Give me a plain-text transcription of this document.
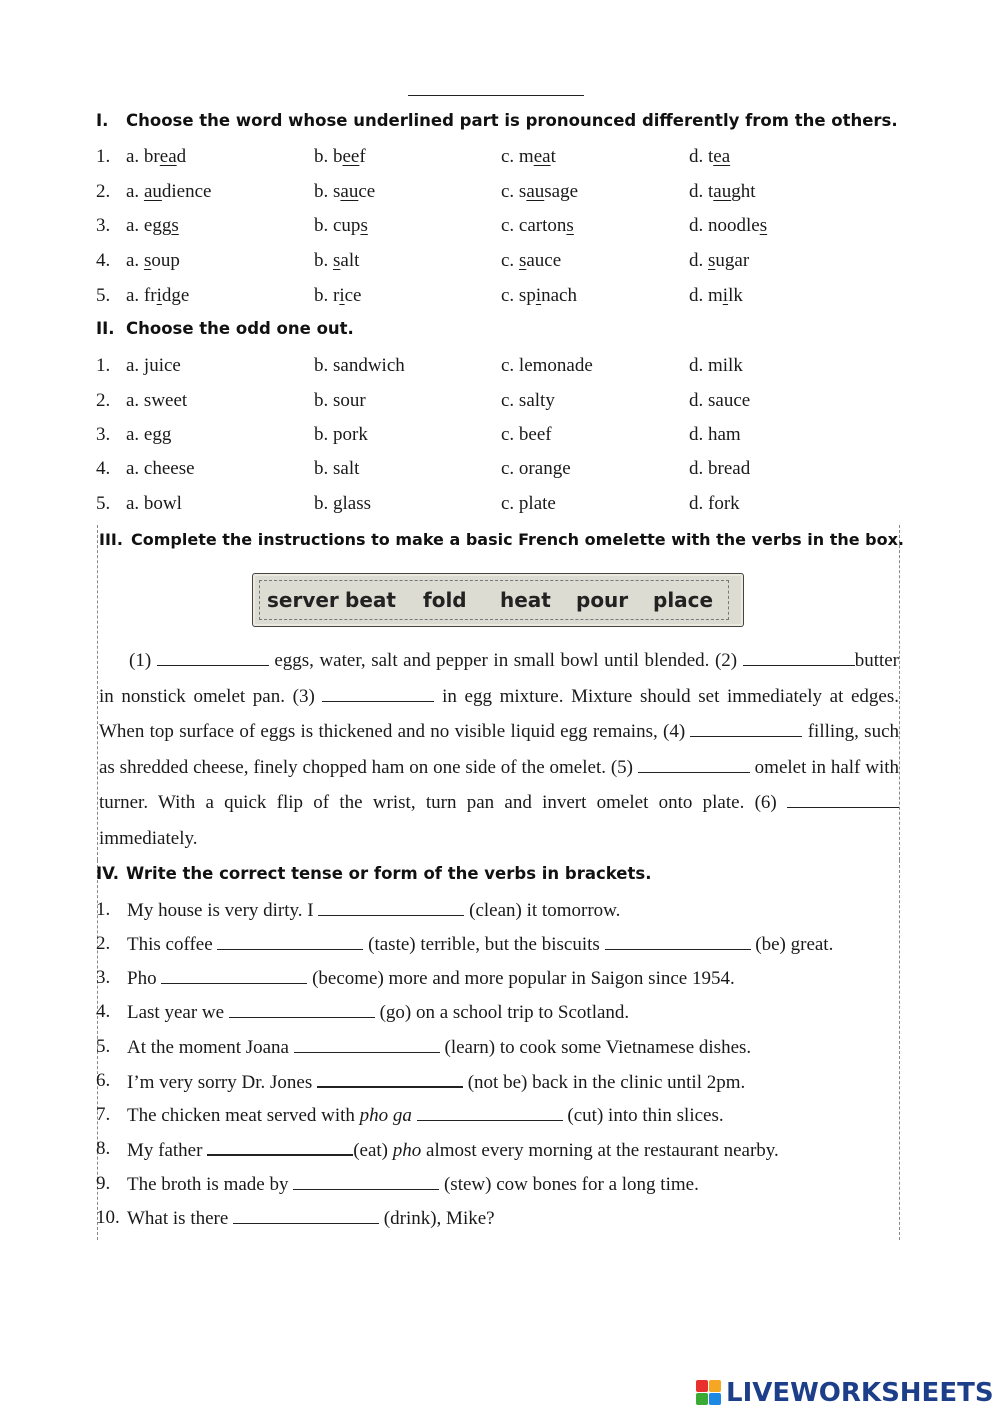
I. Choose the word whose underlined part is pronounced differently from the others.
1. a. bread	b. beef	c. meat	d. tea
2. a. audience	b. sauce	c. sausage	d. taught
3. a. eggs	b. cups	c. cartons	d. noodles
4. a. soup	b. salt	c. sauce	d. sugar
5. a. fridge	b. rice	c. spinach	d. milk
II. Choose the odd one out.
1. a. juice	b. sandwich	c. lemonade	d. milk
2. a. sweet	b. sour	c. salty	d. sauce
3. a. egg	b. pork	c. beef	d. ham
4. a. cheese	b. salt	c. orange	d. bread
5. a. bowl	b. glass	c. plate	d. fork
III. Complete the instructions to make a basic French omelette with the verbs in the box.
server beat fold heat pour place
(1)	eggs, water, salt and pepper in small bowl until blended. (2)	butter in nonstick omelet pan. (3)	in egg mixture. Mixture should set immediately at edges. When top surface of eggs is thickened and no visible liquid egg remains, (4)	filling, such as shredded cheese, finely chopped ham on one side of the omelet. (5)	omelet in half with turner. With a quick flip of the wrist, turn pan and invert omelet onto plate. (6)  immediately.
IV. Write the correct tense or form of the verbs in brackets.
1. My house is very dirty. I	(clean) it tomorrow.
2. This coffee	(taste) terrible, but the biscuits	(be) great.
3. Pho	(become) more and more popular in Saigon since 1954.
4. Last year we	(go) on a school trip to Scotland.
5. At the moment Joana	(learn) to cook some Vietnamese dishes.
6. I’m very sorry Dr. Jones	(not be) back in the clinic until 2pm.
7. The chicken meat served with pho ga	(cut) into thin slices.
8. My father	(eat) pho almost every morning at the restaurant nearby.
9. The broth is made by	(stew) cow bones for a long time.
10. What is there	(drink), Mike?
LIVEWORKSHEETS
